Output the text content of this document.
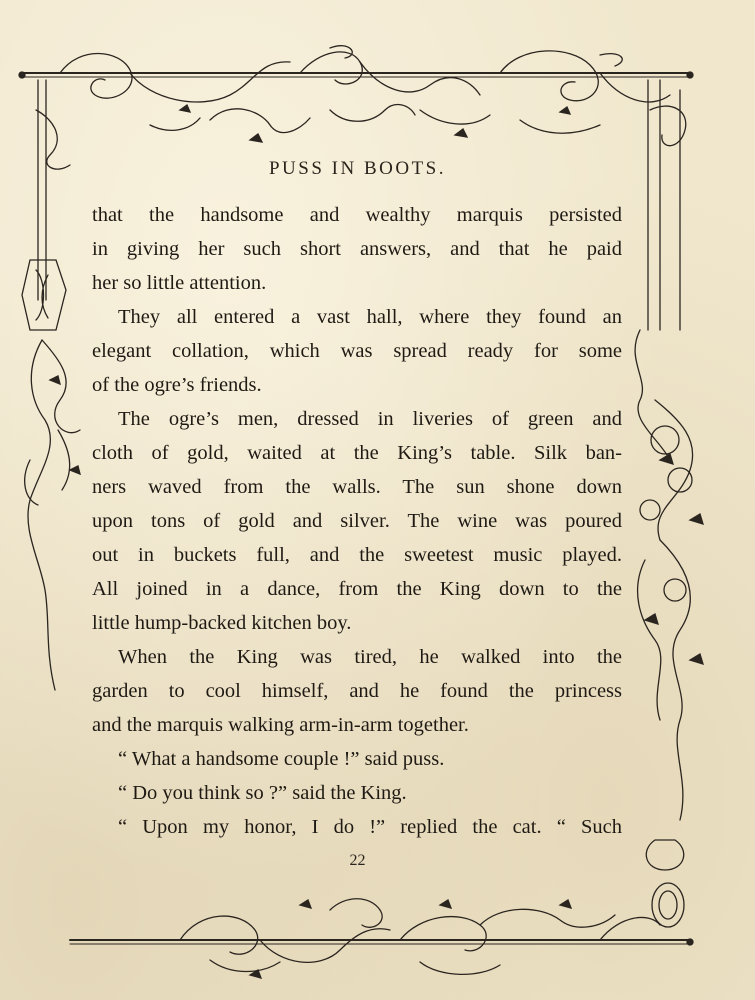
PUSS IN BOOTS.
that the handsome and wealthy marquis persisted
in giving her such short answers, and that he paid
her so little attention.
They all entered a vast hall, where they found an
elegant collation, which was spread ready for some
of the ogre’s friends.
The ogre’s men, dressed in liveries of green and
cloth of gold, waited at the King’s table. Silk ban-
ners waved from the walls. The sun shone down
upon tons of gold and silver. The wine was poured
out in buckets full, and the sweetest music played.
All joined in a dance, from the King down to the
little hump-backed kitchen boy.
When the King was tired, he walked into the
garden to cool himself, and he found the princess
and the marquis walking arm-in-arm together.
“ What a handsome couple !” said puss.
“ Do you think so ?” said the King.
“ Upon my honor, I do !” replied the cat. “ Such
22
